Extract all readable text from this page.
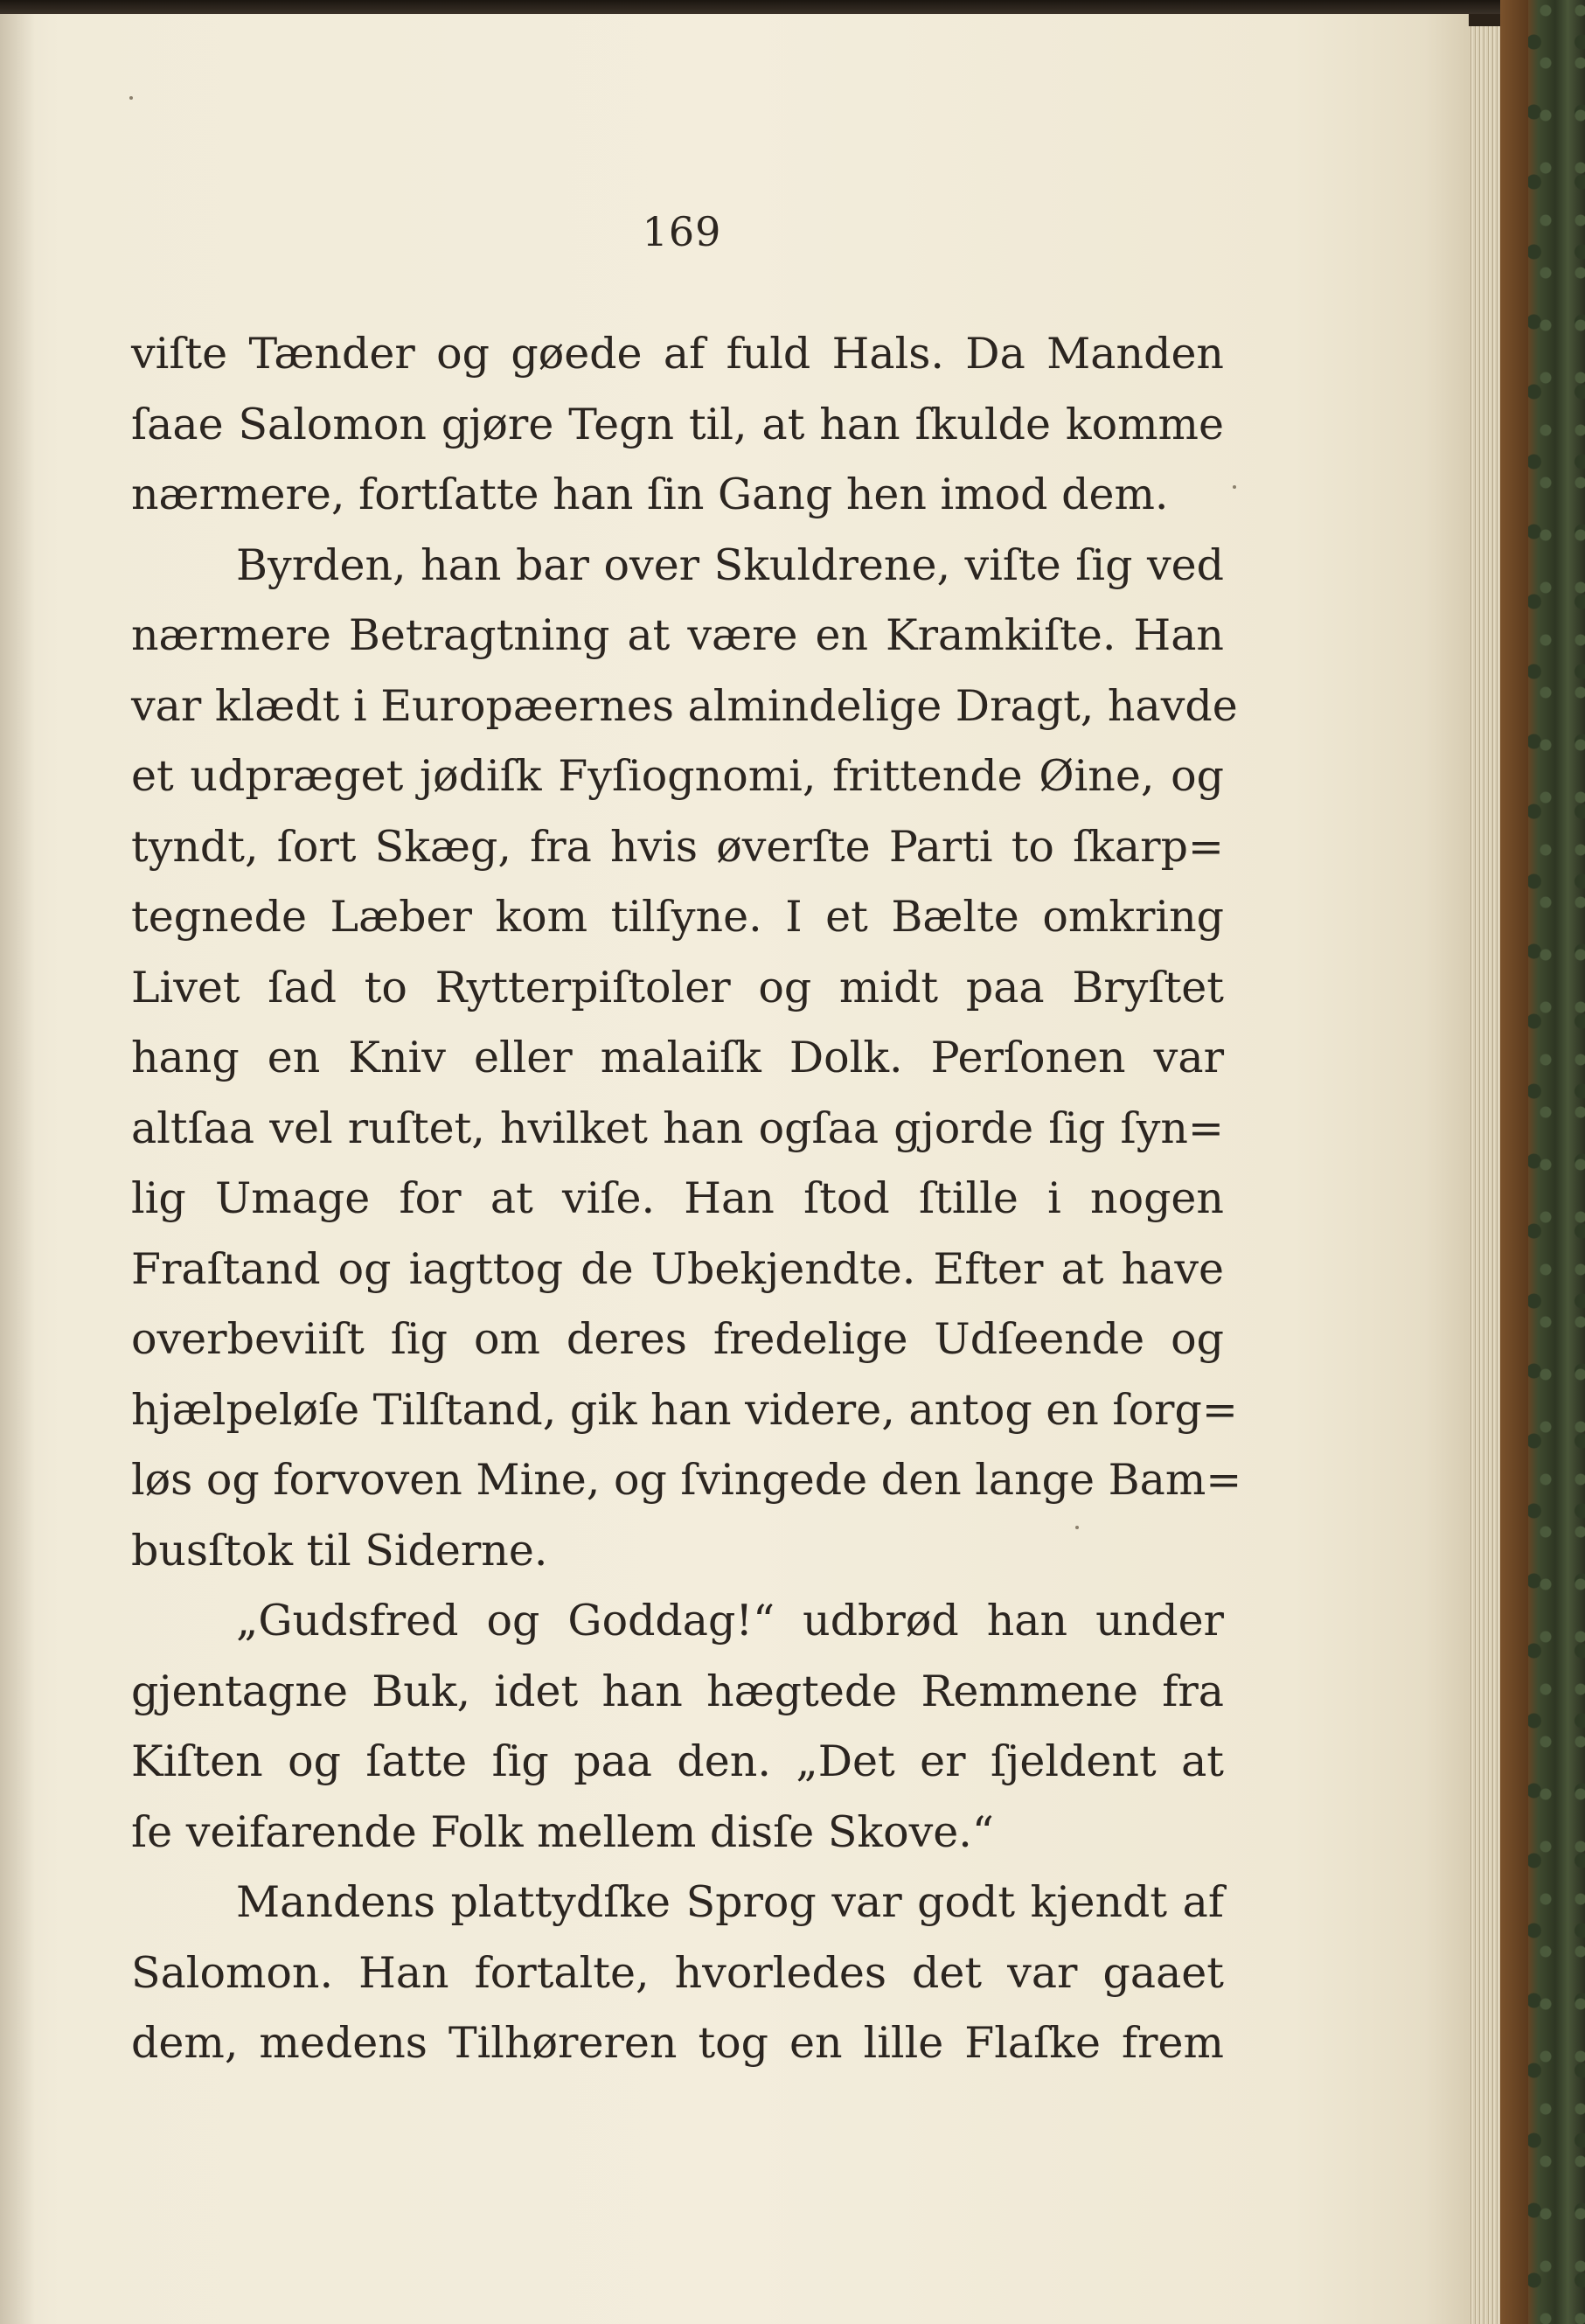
169
viſte Tænder og gøede af fuld Hals. Da Manden
ſaae Salomon gjøre Tegn til, at han ſkulde komme
nærmere, fortſatte han ſin Gang hen imod dem.
Byrden, han bar over Skuldrene, viſte ſig ved
nærmere Betragtning at være en Kramkiſte. Han
var klædt i Europæernes almindelige Dragt, havde
et udpræget jødiſk Fyſiognomi, frittende Øine, og
tyndt, ſort Skæg, fra hvis øverſte Parti to ſkarp=
tegnede Læber kom tilſyne. I et Bælte omkring
Livet ſad to Rytterpiſtoler og midt paa Bryſtet
hang en Kniv eller malaiſk Dolk. Perſonen var
altſaa vel ruſtet, hvilket han ogſaa gjorde ſig ſyn=
lig Umage for at viſe. Han ſtod ſtille i nogen
Fraſtand og iagttog de Ubekjendte. Efter at have
overbeviiſt ſig om deres fredelige Udſeende og
hjælpeløſe Tilſtand, gik han videre, antog en ſorg=
løs og forvoven Mine, og ſvingede den lange Bam=
busſtok til Siderne.
„Gudsfred og Goddag!“ udbrød han under
gjentagne Buk, idet han hægtede Remmene fra
Kiſten og ſatte ſig paa den. „Det er ſjeldent at
ſe veifarende Folk mellem disſe Skove.“
Mandens plattydſke Sprog var godt kjendt af
Salomon. Han fortalte, hvorledes det var gaaet
dem, medens Tilhøreren tog en lille Flaſke frem
